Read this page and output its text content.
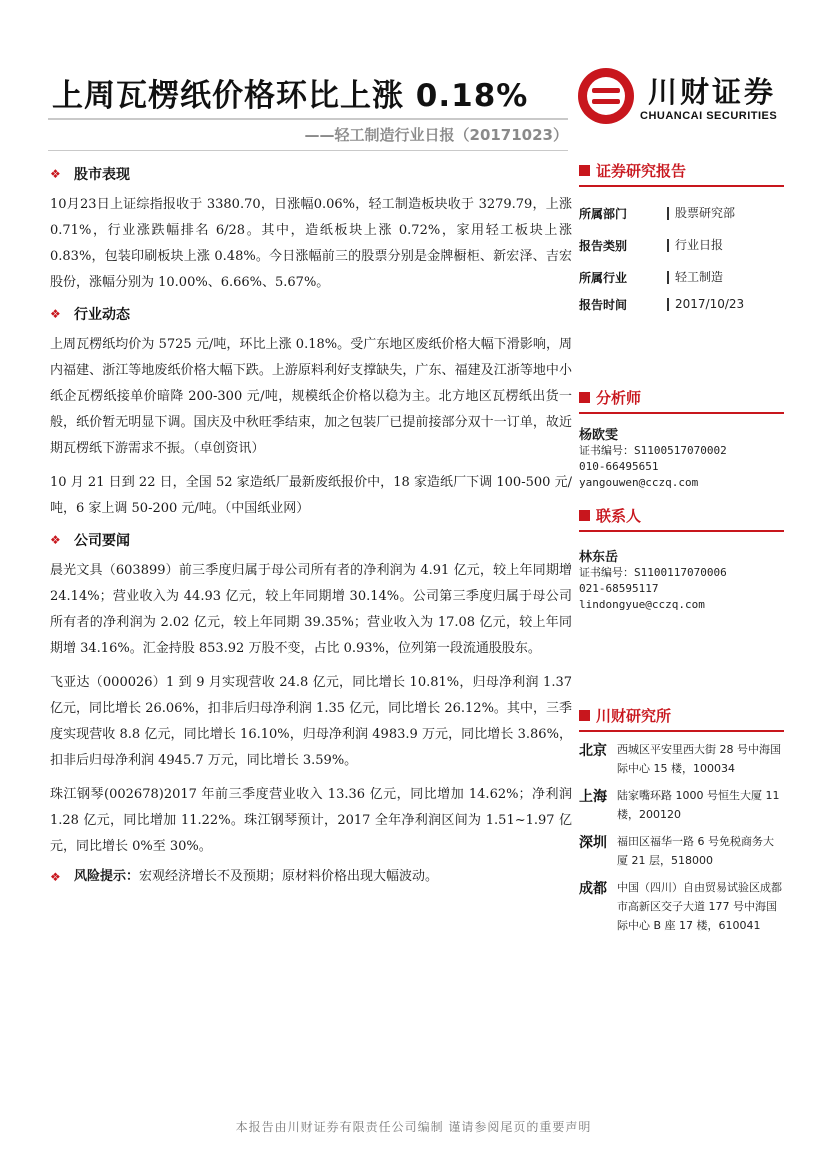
上周瓦楞纸价格环比上涨 0.18%
——轻工制造行业日报（20171023）
川财证券
CHUANCAI SECURITIES
❖ 股市表现

10月23日上证综指报收于 3380.70，日涨幅0.06%，轻工制造板块收于 3279.79，上涨 0.71%，行业涨跌幅排名 6/28。其中，造纸板块上涨 0.72%，家用轻工板块上涨 0.83%，包装印刷板块上涨 0.48%。今日涨幅前三的股票分别是金牌橱柜、新宏泽、吉宏股份，涨幅分别为 10.00%、6.66%、5.67%。

❖ 行业动态

上周瓦楞纸均价为 5725 元/吨，环比上涨 0.18%。受广东地区废纸价格大幅下滑影响，周内福建、浙江等地废纸价格大幅下跌。上游原料利好支撑缺失，广东、福建及江浙等地中小纸企瓦楞纸接单价暗降 200-300 元/吨，规模纸企价格以稳为主。北方地区瓦楞纸出货一般，纸价暂无明显下调。国庆及中秋旺季结束，加之包装厂已提前接部分双十一订单，故近期瓦楞纸下游需求不振。（卓创资讯）

10 月 21 日到 22 日，全国 52 家造纸厂最新废纸报价中，18 家造纸厂下调 100-500 元/吨，6 家上调 50-200 元/吨。（中国纸业网）

❖ 公司要闻

晨光文具（603899）前三季度归属于母公司所有者的净利润为 4.91 亿元，较上年同期增 24.14%；营业收入为 44.93 亿元，较上年同期增 30.14%。公司第三季度归属于母公司所有者的净利润为 2.02 亿元，较上年同期 39.35%；营业收入为 17.08 亿元，较上年同期增 34.16%。汇金持股 853.92 万股不变，占比 0.93%，位列第一段流通股股东。

飞亚达（000026）1 到 9 月实现营收 24.8 亿元，同比增长 10.81%，归母净利润 1.37 亿元，同比增长 26.06%，扣非后归母净利润 1.35 亿元，同比增长 26.12%。其中，三季度实现营收 8.8 亿元，同比增长 16.10%，归母净利润 4983.9 万元，同比增长 3.86%，扣非后归母净利润 4945.7 万元，同比增长 3.59%。

珠江钢琴(002678)2017 年前三季度营业收入 13.36 亿元，同比增加 14.62%；净利润 1.28 亿元，同比增加 11.22%。珠江钢琴预计，2017 全年净利润区间为 1.51~1.97 亿元，同比增长 0%至 30%。

❖	风险提示：宏观经济增长不及预期；原材料价格出现大幅波动。
证券研究报告
所属部门	股票研究部
报告类别	行业日报
所属行业	轻工制造
报告时间	2017/10/23
分析师
杨欧雯
证书编号：S1100517070002
010-66495651
yangouwen@cczq.com
联系人
林东岳
证书编号：S1100117070006
021-68595117
lindongyue@cczq.com
川财研究所
北京 西城区平安里西大街 28 号中海国际中心 15 楼，100034
上海 陆家嘴环路 1000 号恒生大厦 11 楼，200120
深圳 福田区福华一路 6 号免税商务大厦 21 层，518000
成都 中国（四川）自由贸易试验区成都市高新区交子大道 177 号中海国际中心 B 座 17 楼，610041
本报告由川财证券有限责任公司编制 谨请参阅尾页的重要声明
